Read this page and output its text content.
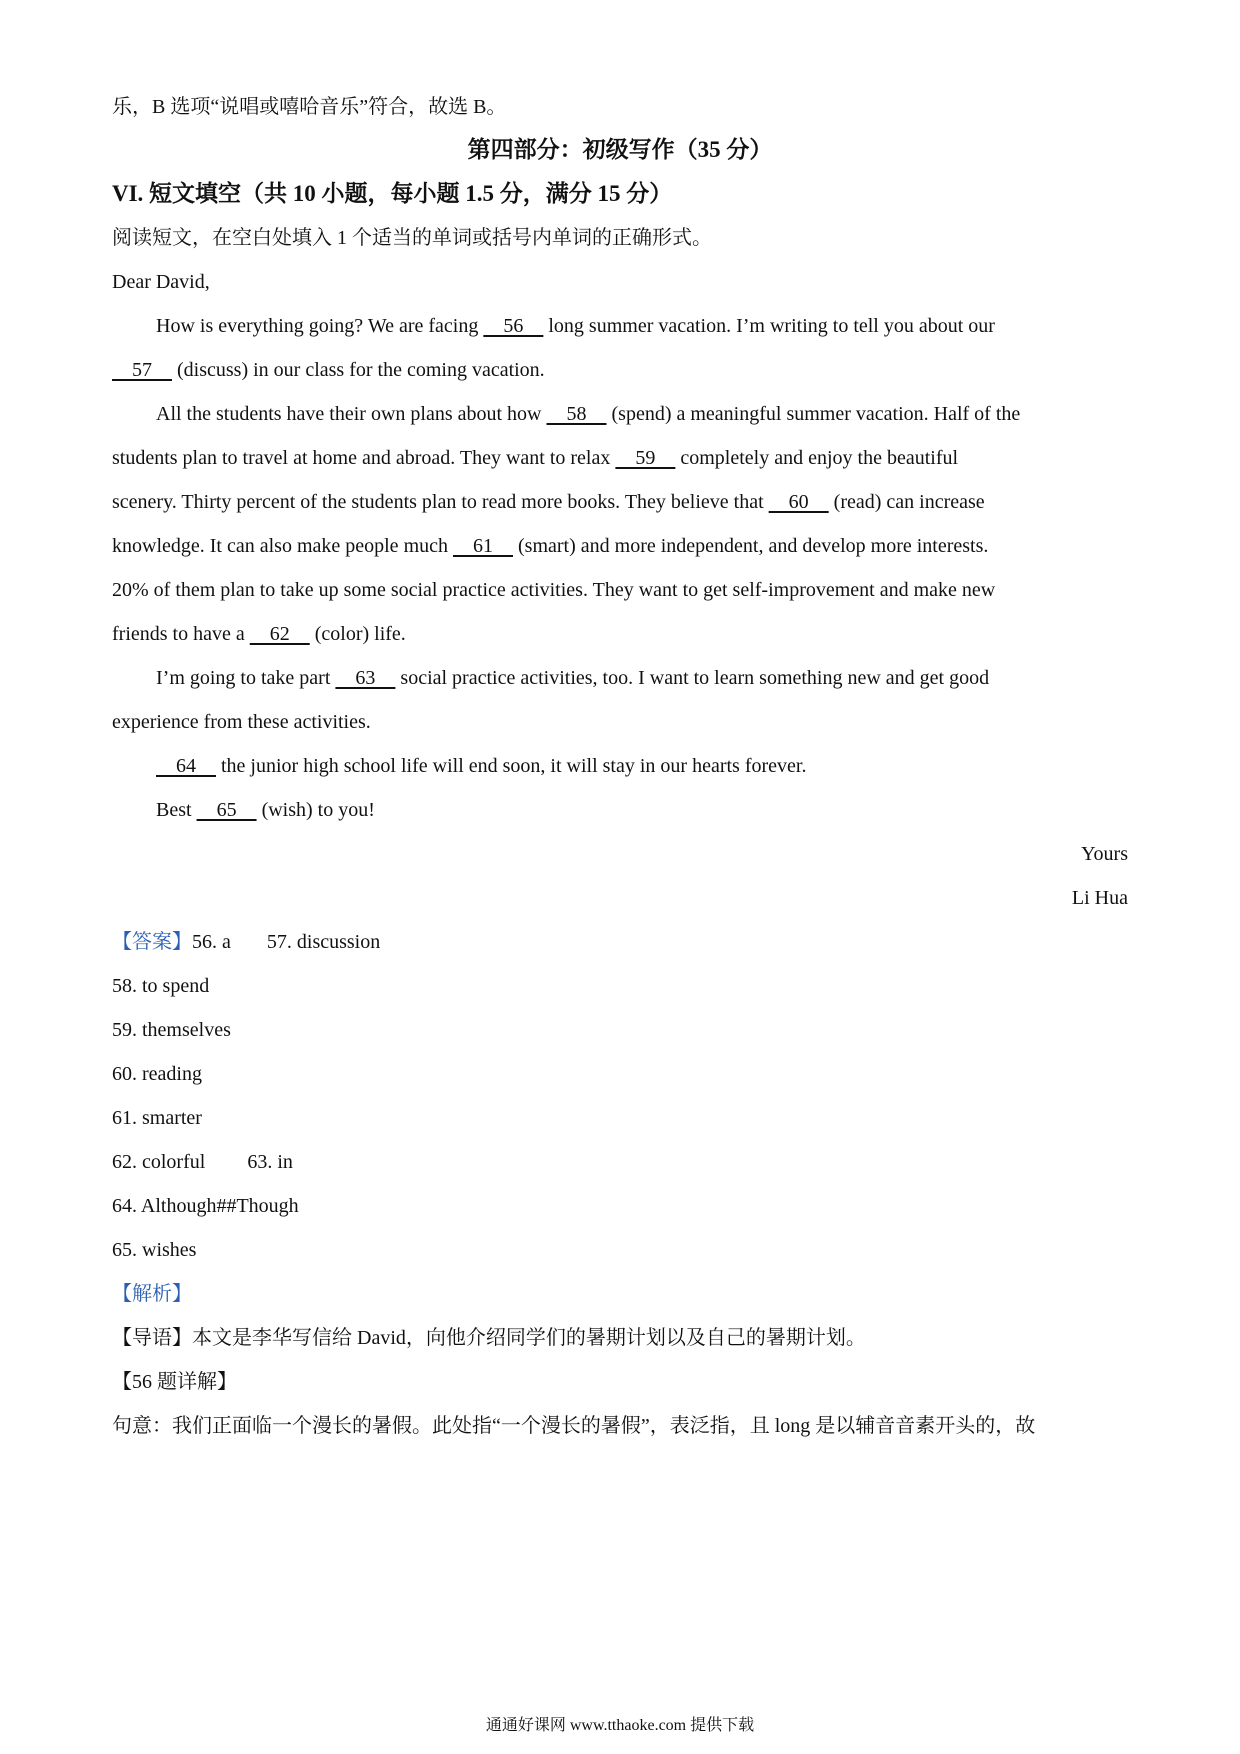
乐，B 选项“说唱或嘻哈音乐”符合，故选 B。
第四部分：初级写作（35 分）
VI. 短文填空（共 10 小题，每小题 1.5 分，满分 15 分）
阅读短文，在空白处填入 1 个适当的单词或括号内单词的正确形式。
Dear David,
How is everything going? We are facing     56     long summer vacation. I’m writing to tell you about our
57     (discuss) in our class for the coming vacation.
All the students have their own plans about how     58     (spend) a meaningful summer vacation. Half of the
students plan to travel at home and abroad. They want to relax     59     completely and enjoy the beautiful
scenery. Thirty percent of the students plan to read more books. They believe that     60     (read) can increase
knowledge. It can also make people much     61     (smart) and more independent, and develop more interests.
20% of them plan to take up some social practice activities. They want to get self-improvement and make new
friends to have a     62     (color) life.
I’m going to take part     63     social practice activities, too. I want to learn something new and get good
experience from these activities.
64     the junior high school life will end soon, it will stay in our hearts forever.
Best     65     (wish) to you!
Yours
Li Hua
【答案】56. a 57. discussion
58. to spend
59. themselves
60. reading
61. smarter
62. colorful 63. in
64. Although##Though
65. wishes
【解析】
【导语】本文是李华写信给 David，向他介绍同学们的暑期计划以及自己的暑期计划。
【56 题详解】
句意：我们正面临一个漫长的暑假。此处指“一个漫长的暑假”，表泛指，且 long 是以辅音音素开头的，故
通通好课网 www.tthaoke.com 提供下载
